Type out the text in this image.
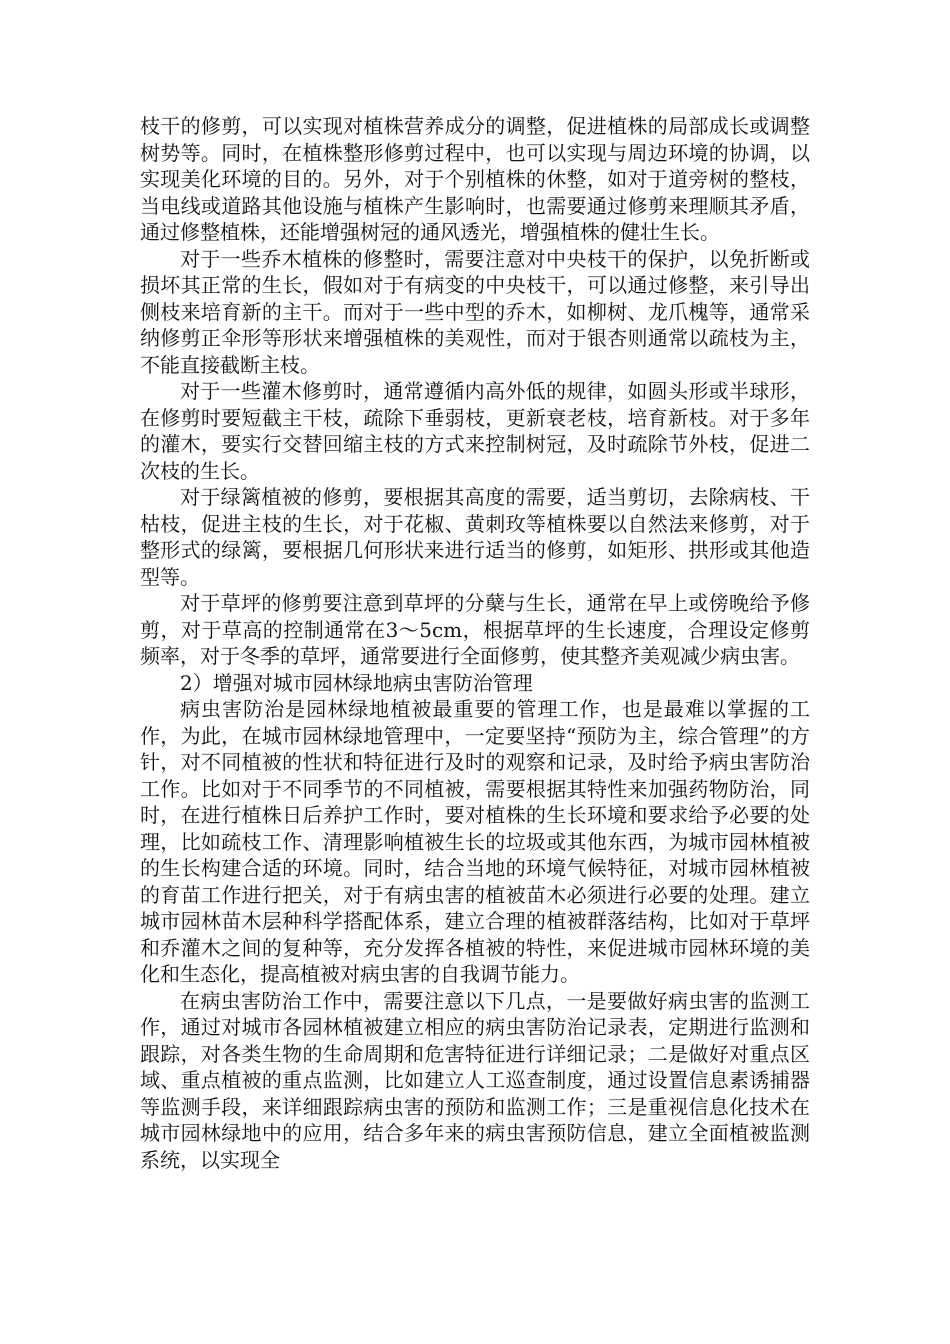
枝干的修剪，可以实现对植株营养成分的调整，促进植株的局部成长或调整树势等。同时，在植株整形修剪过程中，也可以实现与周边环境的协调，以实现美化环境的目的。另外，对于个别植株的休整，如对于道旁树的整枝，当电线或道路其他设施与植株产生影响时，也需要通过修剪来理顺其矛盾，通过修整植株，还能增强树冠的通风透光，增强植株的健壮生长。

对于一些乔木植株的修整时，需要注意对中央枝干的保护，以免折断或损坏其正常的生长，假如对于有病变的中央枝干，可以通过修整，来引导出侧枝来培育新的主干。而对于一些中型的乔木，如柳树、龙爪槐等，通常采纳修剪正伞形等形状来增强植株的美观性，而对于银杏则通常以疏枝为主，不能直接截断主枝。

对于一些灌木修剪时，通常遵循内高外低的规律，如圆头形或半球形，在修剪时要短截主干枝，疏除下垂弱枝，更新衰老枝，培育新枝。对于多年的灌木，要实行交替回缩主枝的方式来控制树冠，及时疏除节外枝，促进二次枝的生长。

对于绿篱植被的修剪，要根据其高度的需要，适当剪切，去除病枝、干枯枝，促进主枝的生长，对于花椒、黄刺玫等植株要以自然法来修剪，对于整形式的绿篱，要根据几何形状来进行适当的修剪，如矩形、拱形或其他造型等。

对于草坪的修剪要注意到草坪的分蘖与生长，通常在早上或傍晚给予修剪，对于草高的控制通常在3～5cm，根据草坪的生长速度，合理设定修剪频率，对于冬季的草坪，通常要进行全面修剪，使其整齐美观减少病虫害。

2）增强对城市园林绿地病虫害防治管理

病虫害防治是园林绿地植被最重要的管理工作，也是最难以掌握的工作，为此，在城市园林绿地管理中，一定要坚持“预防为主，综合管理”的方针，对不同植被的性状和特征进行及时的观察和记录，及时给予病虫害防治工作。比如对于不同季节的不同植被，需要根据其特性来加强药物防治，同时，在进行植株日后养护工作时，要对植株的生长环境和要求给予必要的处理，比如疏枝工作、清理影响植被生长的垃圾或其他东西，为城市园林植被的生长构建合适的环境。同时，结合当地的环境气候特征，对城市园林植被的育苗工作进行把关，对于有病虫害的植被苗木必须进行必要的处理。建立城市园林苗木层种科学搭配体系，建立合理的植被群落结构，比如对于草坪和乔灌木之间的复种等，充分发挥各植被的特性，来促进城市园林环境的美化和生态化，提高植被对病虫害的自我调节能力。

在病虫害防治工作中，需要注意以下几点，一是要做好病虫害的监测工作，通过对城市各园林植被建立相应的病虫害防治记录表，定期进行监测和跟踪，对各类生物的生命周期和危害特征进行详细记录；二是做好对重点区域、重点植被的重点监测，比如建立人工巡查制度，通过设置信息素诱捕器等监测手段，来详细跟踪病虫害的预防和监测工作；三是重视信息化技术在城市园林绿地中的应用，结合多年来的病虫害预防信息，建立全面植被监测系统，以实现全
